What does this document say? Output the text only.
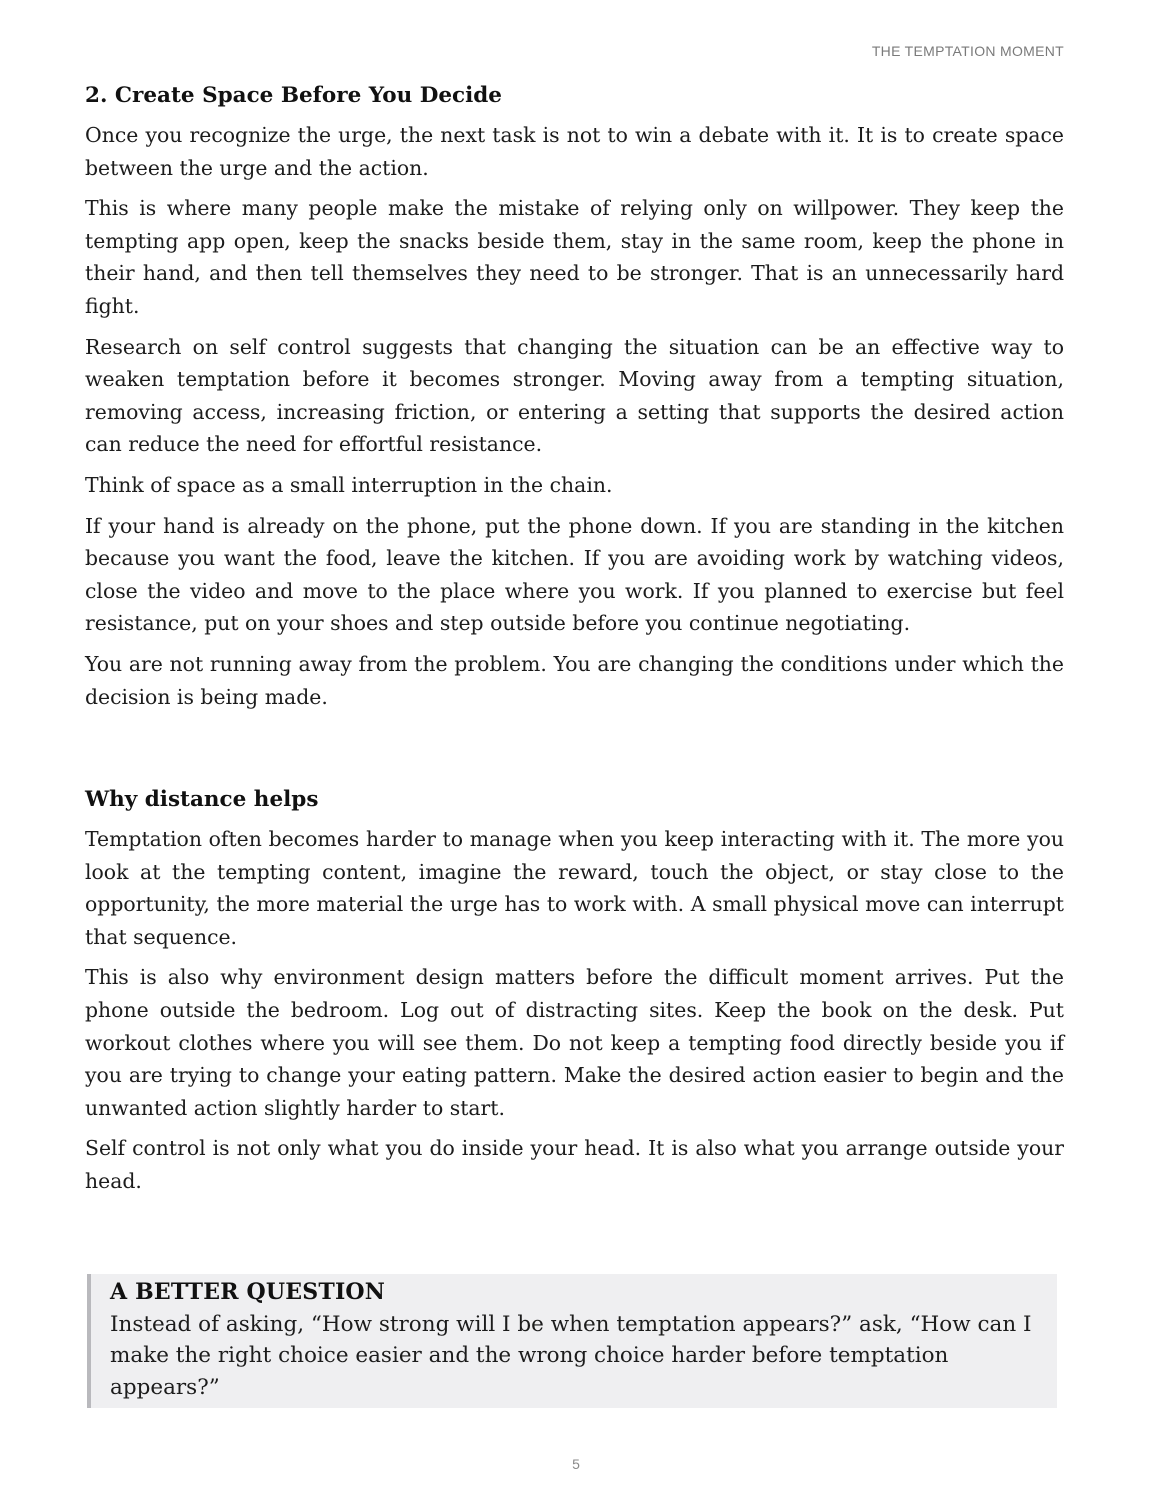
THE TEMPTATION MOMENT
2. Create Space Before You Decide

Once you recognize the urge, the next task is not to win a debate with it. It is to create space between the urge and the action.

This is where many people make the mistake of relying only on willpower. They keep the tempting app open, keep the snacks beside them, stay in the same room, keep the phone in their hand, and then tell themselves they need to be stronger. That is an unnecessarily hard fight.

Research on self control suggests that changing the situation can be an effective way to weaken temptation before it becomes stronger. Moving away from a tempting situation, removing access, increasing friction, or entering a setting that supports the desired action can reduce the need for effortful resistance.

Think of space as a small interruption in the chain.

If your hand is already on the phone, put the phone down. If you are standing in the kitchen because you want the food, leave the kitchen. If you are avoiding work by watching videos, close the video and move to the place where you work. If you planned to exercise but feel resistance, put on your shoes and step outside before you continue negotiating.

You are not running away from the problem. You are changing the conditions under which the decision is being made.

Why distance helps

Temptation often becomes harder to manage when you keep interacting with it. The more you look at the tempting content, imagine the reward, touch the object, or stay close to the opportunity, the more material the urge has to work with. A small physical move can interrupt that sequence.

This is also why environment design matters before the difficult moment arrives. Put the phone outside the bedroom. Log out of distracting sites. Keep the book on the desk. Put workout clothes where you will see them. Do not keep a tempting food directly beside you if you are trying to change your eating pattern. Make the desired action easier to begin and the unwanted action slightly harder to start.

Self control is not only what you do inside your head. It is also what you arrange outside your head.

A BETTER QUESTION
Instead of asking, “How strong will I be when temptation appears?” ask, “How can I make the right choice easier and the wrong choice harder before temptation appears?”
5
